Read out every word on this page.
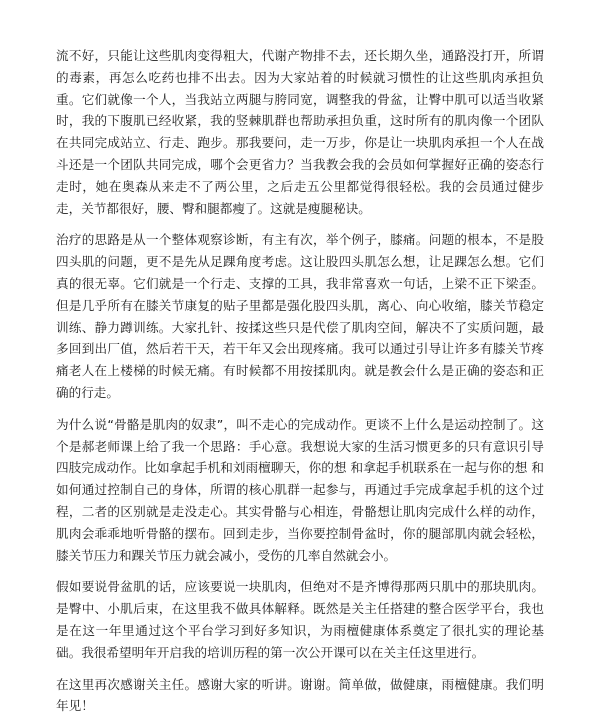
流不好，只能让这些肌肉变得粗大，代谢产物排不去，还长期久坐，通路没打开，所谓的毒素，再怎么吃药也排不出去。因为大家站着的时候就习惯性的让这些肌肉承担负重。它们就像一个人，当我站立两腿与胯同宽，调整我的骨盆，让臀中肌可以适当收紧时，我的下腹肌已经收紧，我的竖棘肌群也帮助承担负重，这时所有的肌肉像一个团队在共同完成站立、行走、跑步。那我要问，走一万步，你是让一块肌肉承担一个人在战斗还是一个团队共同完成，哪个会更省力？当我教会我的会员如何掌握好正确的姿态行走时，她在奥森从来走不了两公里，之后走五公里都觉得很轻松。我的会员通过健步走，关节都很好，腰、臀和腿都瘦了。这就是瘦腿秘诀。

治疗的思路是从一个整体观察诊断，有主有次，举个例子，膝痛。问题的根本，不是股四头肌的问题，更不是先从足踝角度考虑。这让股四头肌怎么想，让足踝怎么想。它们真的很无辜。它们就是一个行走、支撑的工具，我非常喜欢一句话，上梁不正下梁歪。但是几乎所有在膝关节康复的贴子里都是强化股四头肌，离心、向心收缩，膝关节稳定训练、静力蹲训练。大家扎针、按揉这些只是代偿了肌肉空间，解决不了实质问题，最多回到出厂值，然后若干天，若干年又会出现疼痛。我可以通过引导让许多有膝关节疼痛老人在上楼梯的时候无痛。有时候都不用按揉肌肉。就是教会什么是正确的姿态和正确的行走。

为什么说“骨骼是肌肉的奴隶”，叫不走心的完成动作。更谈不上什么是运动控制了。这个是郝老师课上给了我一个思路：手心意。我想说大家的生活习惯更多的只有意识引导四肢完成动作。比如拿起手机和刘雨檀聊天，你的想 和拿起手机联系在一起与你的想 和如何通过控制自己的身体，所谓的核心肌群一起参与，再通过手完成拿起手机的这个过程，二者的区别就是走没走心。其实骨骼与心相连，骨骼想让肌肉完成什么样的动作，肌肉会乖乖地听骨骼的摆布。回到走步，当你要控制骨盆时，你的腿部肌肉就会轻松，膝关节压力和踝关节压力就会减小，受伤的几率自然就会小。

假如要说骨盆肌的话，应该要说一块肌肉，但绝对不是齐博得那两只肌中的那块肌肉。是臀中、小肌后束，在这里我不做具体解释。既然是关主任搭建的整合医学平台，我也是在这一年里通过这个平台学习到好多知识，为雨檀健康体系奠定了很扎实的理论基础。我很希望明年开启我的培训历程的第一次公开课可以在关主任这里进行。

在这里再次感谢关主任。感谢大家的听讲。谢谢。简单做，做健康，雨檀健康。我们明年见！
